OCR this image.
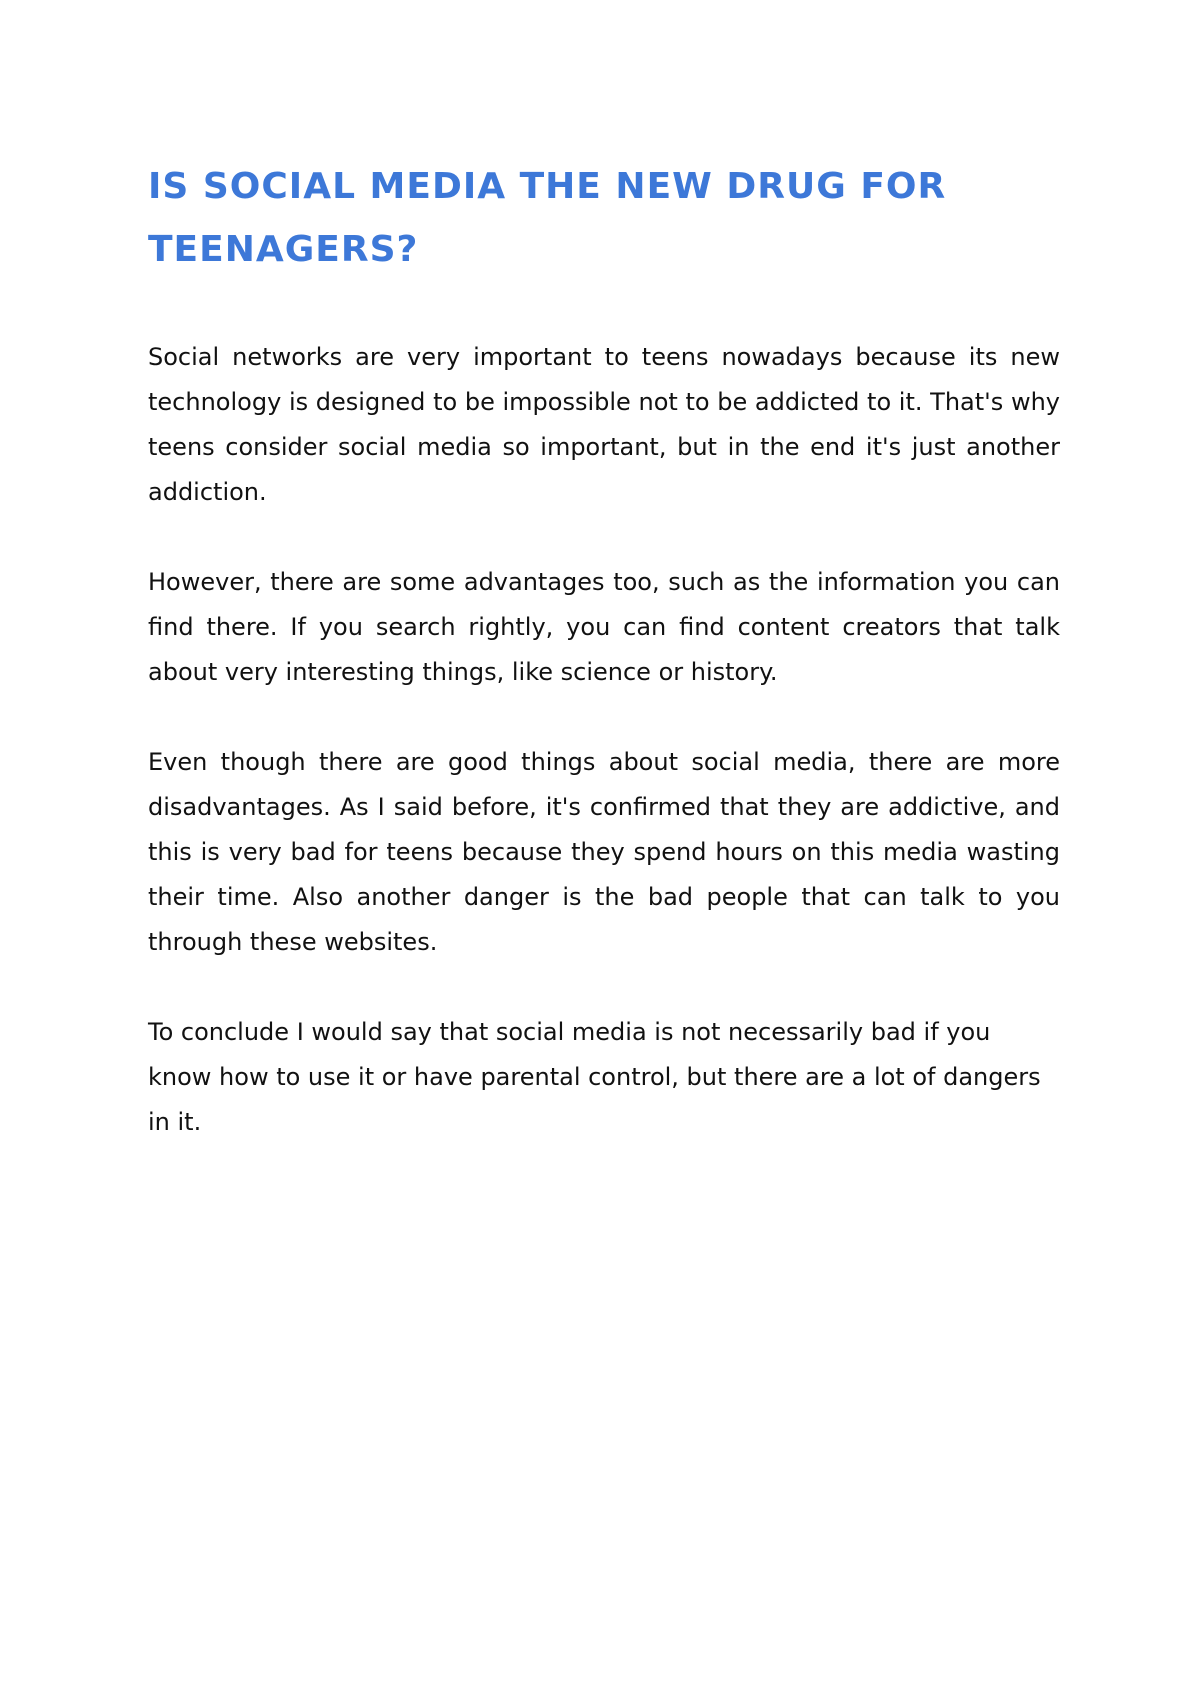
IS SOCIAL MEDIA THE NEW DRUG FOR TEENAGERS?

Social networks are very important to teens nowadays because its new technology is designed to be impossible not to be addicted to it. That's why teens consider social media so important, but in the end it's just another addiction.

However, there are some advantages too, such as the information you can find there. If you search rightly, you can find content creators that talk about very interesting things, like science or history.

Even though there are good things about social media, there are more disadvantages. As I said before, it's confirmed that they are addictive, and this is very bad for teens because they spend hours on this media wasting their time. Also another danger is the bad people that can talk to you through these websites.

To conclude I would say that social media is not necessarily bad if you know how to use it or have parental control, but there are a lot of dangers in it.
